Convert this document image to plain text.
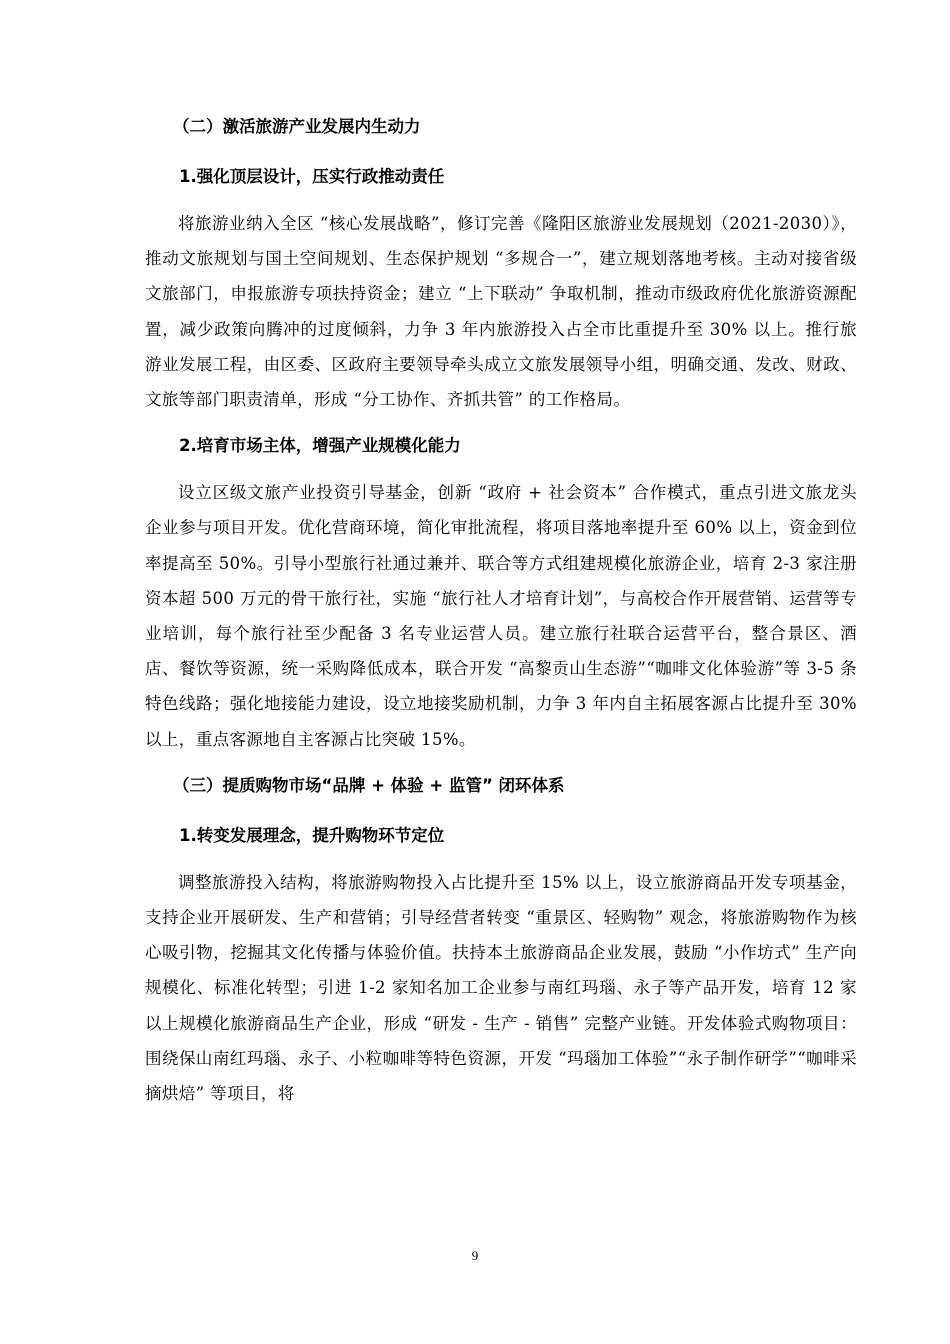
（二）激活旅游产业发展内生动力
1.强化顶层设计，压实行政推动责任

将旅游业纳入全区 “核心发展战略”，修订完善《隆阳区旅游业发展规划（2021-2030）》，推动文旅规划与国土空间规划、生态保护规划 “多规合一”，建立规划落地考核。主动对接省级文旅部门，申报旅游专项扶持资金；建立 “上下联动” 争取机制，推动市级政府优化旅游资源配置，减少政策向腾冲的过度倾斜，力争 3 年内旅游投入占全市比重提升至 30% 以上。推行旅游业发展工程，由区委、区政府主要领导牵头成立文旅发展领导小组，明确交通、发改、财政、文旅等部门职责清单，形成 “分工协作、齐抓共管” 的工作格局。

2.培育市场主体，增强产业规模化能力

设立区级文旅产业投资引导基金，创新 “政府 + 社会资本” 合作模式，重点引进文旅龙头企业参与项目开发。优化营商环境，简化审批流程，将项目落地率提升至 60% 以上，资金到位率提高至 50%。引导小型旅行社通过兼并、联合等方式组建规模化旅游企业，培育 2-3 家注册资本超 500 万元的骨干旅行社，实施 “旅行社人才培育计划”，与高校合作开展营销、运营等专业培训，每个旅行社至少配备 3 名专业运营人员。建立旅行社联合运营平台，整合景区、酒店、餐饮等资源，统一采购降低成本，联合开发 “高黎贡山生态游”“咖啡文化体验游”等 3-5 条特色线路；强化地接能力建设，设立地接奖励机制，力争 3 年内自主拓展客源占比提升至 30% 以上，重点客源地自主客源占比突破 15%。

（三）提质购物市场“品牌 + 体验 + 监管” 闭环体系
1.转变发展理念，提升购物环节定位

调整旅游投入结构，将旅游购物投入占比提升至 15% 以上，设立旅游商品开发专项基金，支持企业开展研发、生产和营销；引导经营者转变 “重景区、轻购物” 观念，将旅游购物作为核心吸引物，挖掘其文化传播与体验价值。扶持本土旅游商品企业发展，鼓励 “小作坊式” 生产向规模化、标准化转型；引进 1-2 家知名加工企业参与南红玛瑙、永子等产品开发，培育 12 家以上规模化旅游商品生产企业，形成 “研发 - 生产 - 销售” 完整产业链。开发体验式购物项目：围绕保山南红玛瑙、永子、小粒咖啡等特色资源，开发 “玛瑙加工体验”“永子制作研学”“咖啡采摘烘焙” 等项目，将

9
